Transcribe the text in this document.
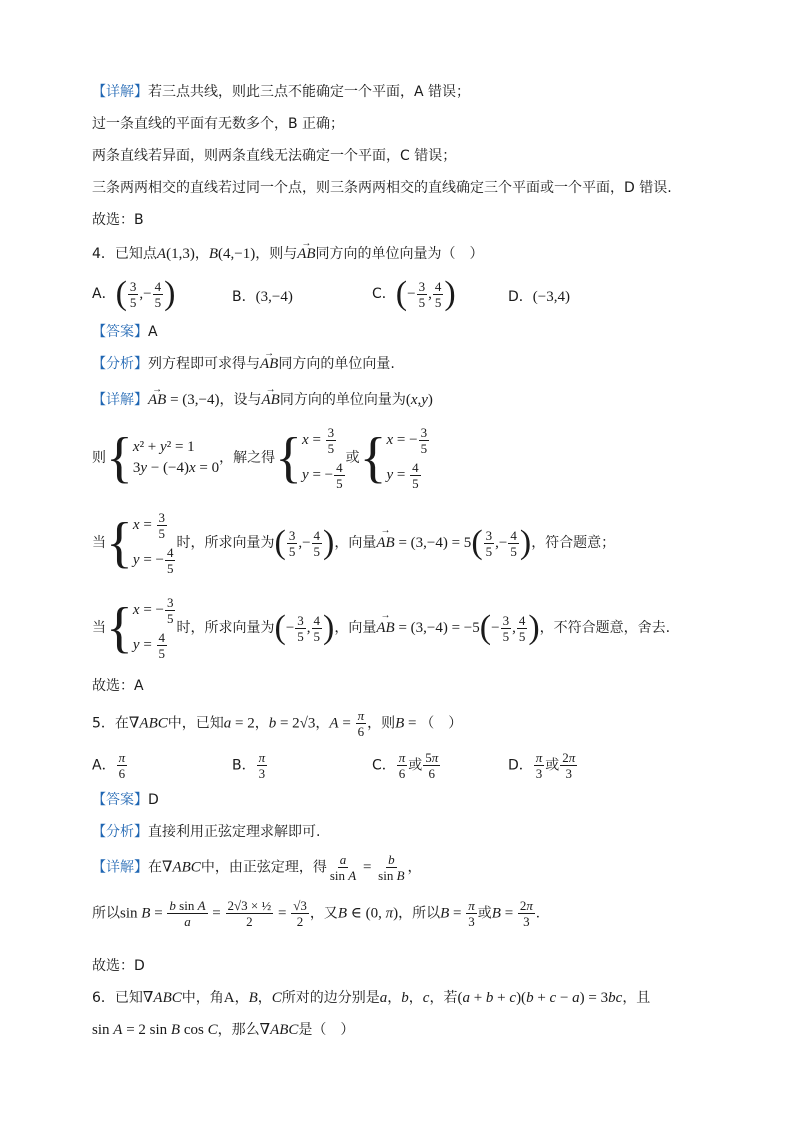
【详解】若三点共线，则此三点不能确定一个平面，A 错误；
过一条直线的平面有无数多个，B 正确；
两条直线若异面，则两条直线无法确定一个平面，C 错误；
三条两两相交的直线若过同一个点，则三条两两相交的直线确定三个平面或一个平面，D 错误.
故选：B
4．已知点A(1,3)，B(4,−1)，则与→ AB同方向的单位向量为（　）
A．( $\frac{3}{5}$ ,− $\frac{4}{5}$ )	B．(3,−4)	C．(− $\frac{3}{5}$ , $\frac{4}{5}$ )	D．(−3,4)
【答案】A
【分析】列方程即可求得与→ AB同方向的单位向量.
【详解】→ AB = (3,−4)，设与→ AB同方向的单位向量为(x,y)
则{ x² + y² = 1
3y − (−4)x = 0
，解之得{ $x = \frac{3}{5}$
y = − $\frac{4}{5}$
或{ x = − $\frac{3}{5}$
$y = \frac{4}{5}$
当{ $x = \frac{3}{5}$
y = − $\frac{4}{5}$
时，所求向量为( $\frac{3}{5}$ ,− $\frac{4}{5}$ )，向量→ AB = $(3,-4) = 5( \frac{3}{5}$ ,− $\frac{4}{5}$ )，符合题意；
当{ x = − $\frac{3}{5}$
$y = \frac{4}{5}$
时，所求向量为(− $\frac{3}{5}$ , $\frac{4}{5}$ )，向量→ AB = $(3,-4) = -5(- \frac{3}{5}$ , $\frac{4}{5}$ )，不符合题意，舍去.
故选：A
5．在∇ABC中，已知a = 2，b = 2√3，$A = \frac{\pi}{6}$ ，则B = （　）
A． $\frac{\pi}{6}$	B． $\frac{\pi}{3}$	C． $\frac{\pi}{6}$ 或 $\frac{5\pi}{6}$	D． $\frac{\pi}{3}$ 或 $\frac{2\pi}{3}$
【答案】D
【分析】直接利用正弦定理求解即可.
【详解】在∇ABC中，由正弦定理，得 $\frac{a}{\text{sin A}} = \frac{b}{\text{sin B}}$ ，
所以$\sin B = \frac{\text{b sin A}}{a} = \frac{\text{2√3 × ½}}{2} = \frac{√3}{2}$ ，又B ∈ (0, π)，所以$B = \frac{\pi}{3}$ 或$B = \frac{2\pi}{3}$ .
故选：D
6．已知∇ABC中，角A，B，C所对的边分别是a，b，c，若(a + b + c)(b + c − a) = 3bc，且
sin A = 2 sin B cos C，那么∇ABC是（　）
